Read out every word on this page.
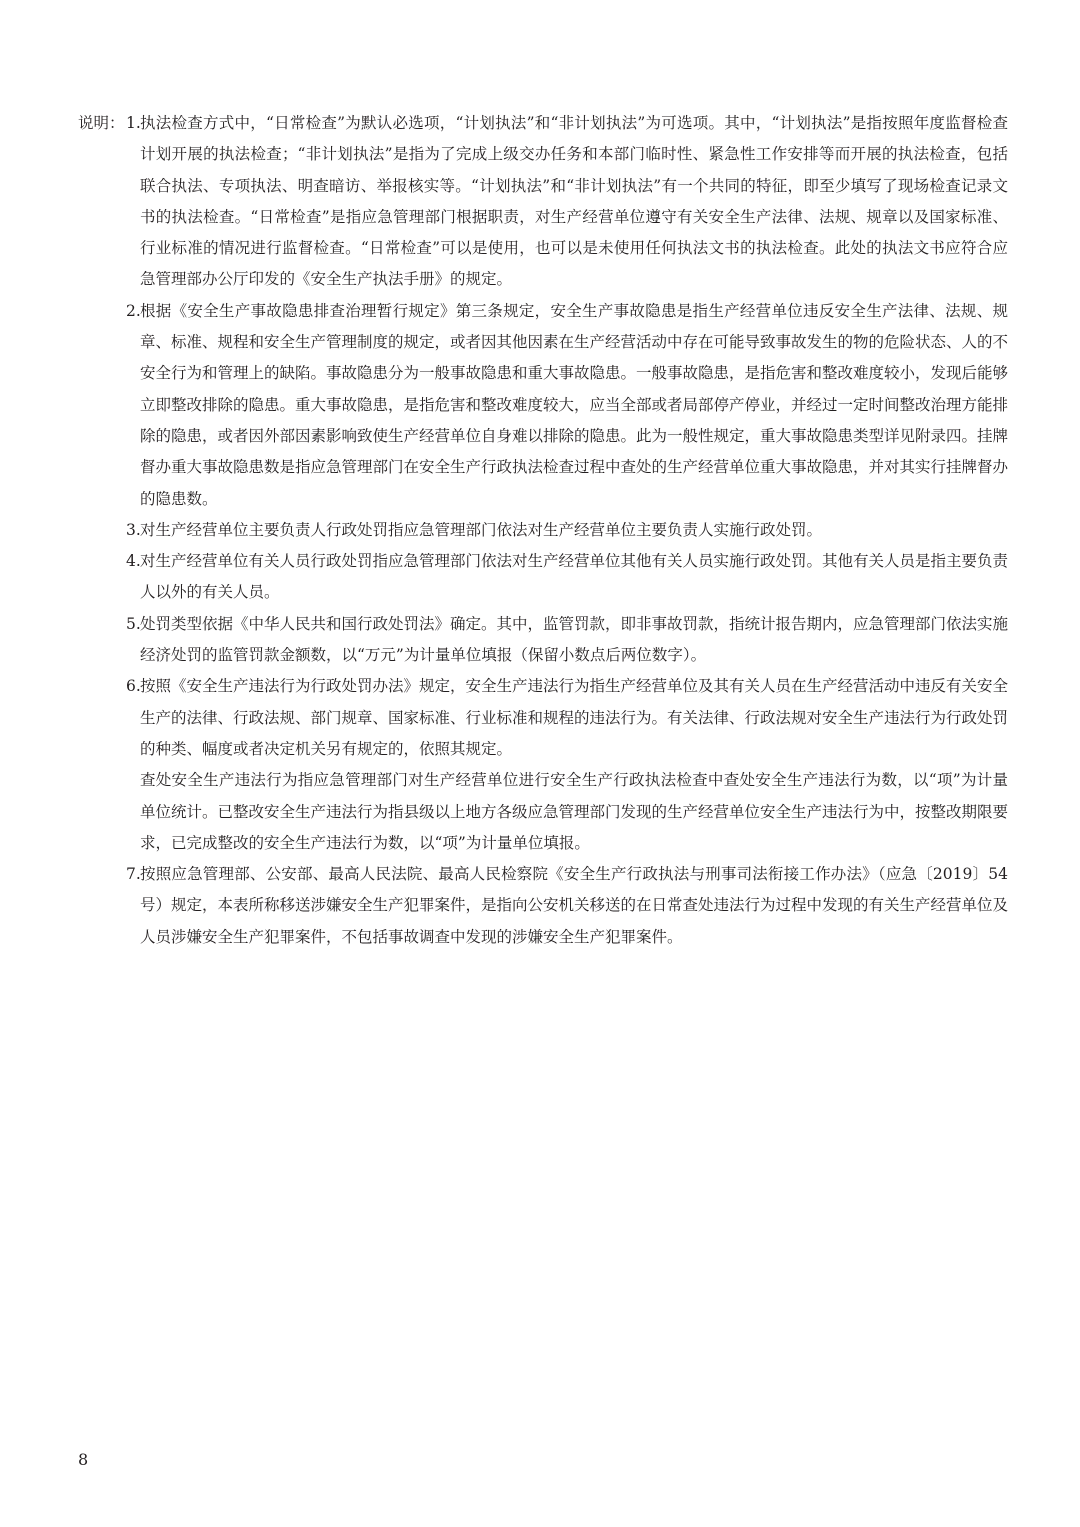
说明： 1. 执法检查方式中，“日常检查”为默认必选项，“计划执法”和“非计划执法”为可选项。其中，“计划执法”是指按照年度监督检查计划开展的执法检查；“非计划执法”是指为了完成上级交办任务和本部门临时性、紧急性工作安排等而开展的执法检查，包括联合执法、专项执法、明查暗访、举报核实等。“计划执法”和“非计划执法”有一个共同的特征，即至少填写了现场检查记录文书的执法检查。“日常检查”是指应急管理部门根据职责，对生产经营单位遵守有关安全生产法律、法规、规章以及国家标准、行业标准的情况进行监督检查。“日常检查”可以是使用，也可以是未使用任何执法文书的执法检查。此处的执法文书应符合应急管理部办公厅印发的《安全生产执法手册》的规定。
2. 根据《安全生产事故隐患排查治理暂行规定》第三条规定，安全生产事故隐患是指生产经营单位违反安全生产法律、法规、规章、标准、规程和安全生产管理制度的规定，或者因其他因素在生产经营活动中存在可能导致事故发生的物的危险状态、人的不安全行为和管理上的缺陷。事故隐患分为一般事故隐患和重大事故隐患。一般事故隐患，是指危害和整改难度较小，发现后能够立即整改排除的隐患。重大事故隐患，是指危害和整改难度较大，应当全部或者局部停产停业，并经过一定时间整改治理方能排除的隐患，或者因外部因素影响致使生产经营单位自身难以排除的隐患。此为一般性规定，重大事故隐患类型详见附录四。挂牌督办重大事故隐患数是指应急管理部门在安全生产行政执法检查过程中查处的生产经营单位重大事故隐患，并对其实行挂牌督办的隐患数。
3. 对生产经营单位主要负责人行政处罚指应急管理部门依法对生产经营单位主要负责人实施行政处罚。
4. 对生产经营单位有关人员行政处罚指应急管理部门依法对生产经营单位其他有关人员实施行政处罚。其他有关人员是指主要负责人以外的有关人员。
5. 处罚类型依据《中华人民共和国行政处罚法》确定。其中，监管罚款，即非事故罚款，指统计报告期内，应急管理部门依法实施经济处罚的监管罚款金额数，以“万元”为计量单位填报（保留小数点后两位数字）。
6. 按照《安全生产违法行为行政处罚办法》规定，安全生产违法行为指生产经营单位及其有关人员在生产经营活动中违反有关安全生产的法律、行政法规、部门规章、国家标准、行业标准和规程的违法行为。有关法律、行政法规对安全生产违法行为行政处罚的种类、幅度或者决定机关另有规定的，依照其规定。
查处安全生产违法行为指应急管理部门对生产经营单位进行安全生产行政执法检查中查处安全生产违法行为数，以“项”为计量单位统计。已整改安全生产违法行为指县级以上地方各级应急管理部门发现的生产经营单位安全生产违法行为中，按整改期限要求，已完成整改的安全生产违法行为数，以“项”为计量单位填报。
7. 按照应急管理部、公安部、最高人民法院、最高人民检察院《安全生产行政执法与刑事司法衔接工作办法》（应急〔2019〕54号）规定，本表所称移送涉嫌安全生产犯罪案件，是指向公安机关移送的在日常查处违法行为过程中发现的有关生产经营单位及人员涉嫌安全生产犯罪案件，不包括事故调查中发现的涉嫌安全生产犯罪案件。
8
